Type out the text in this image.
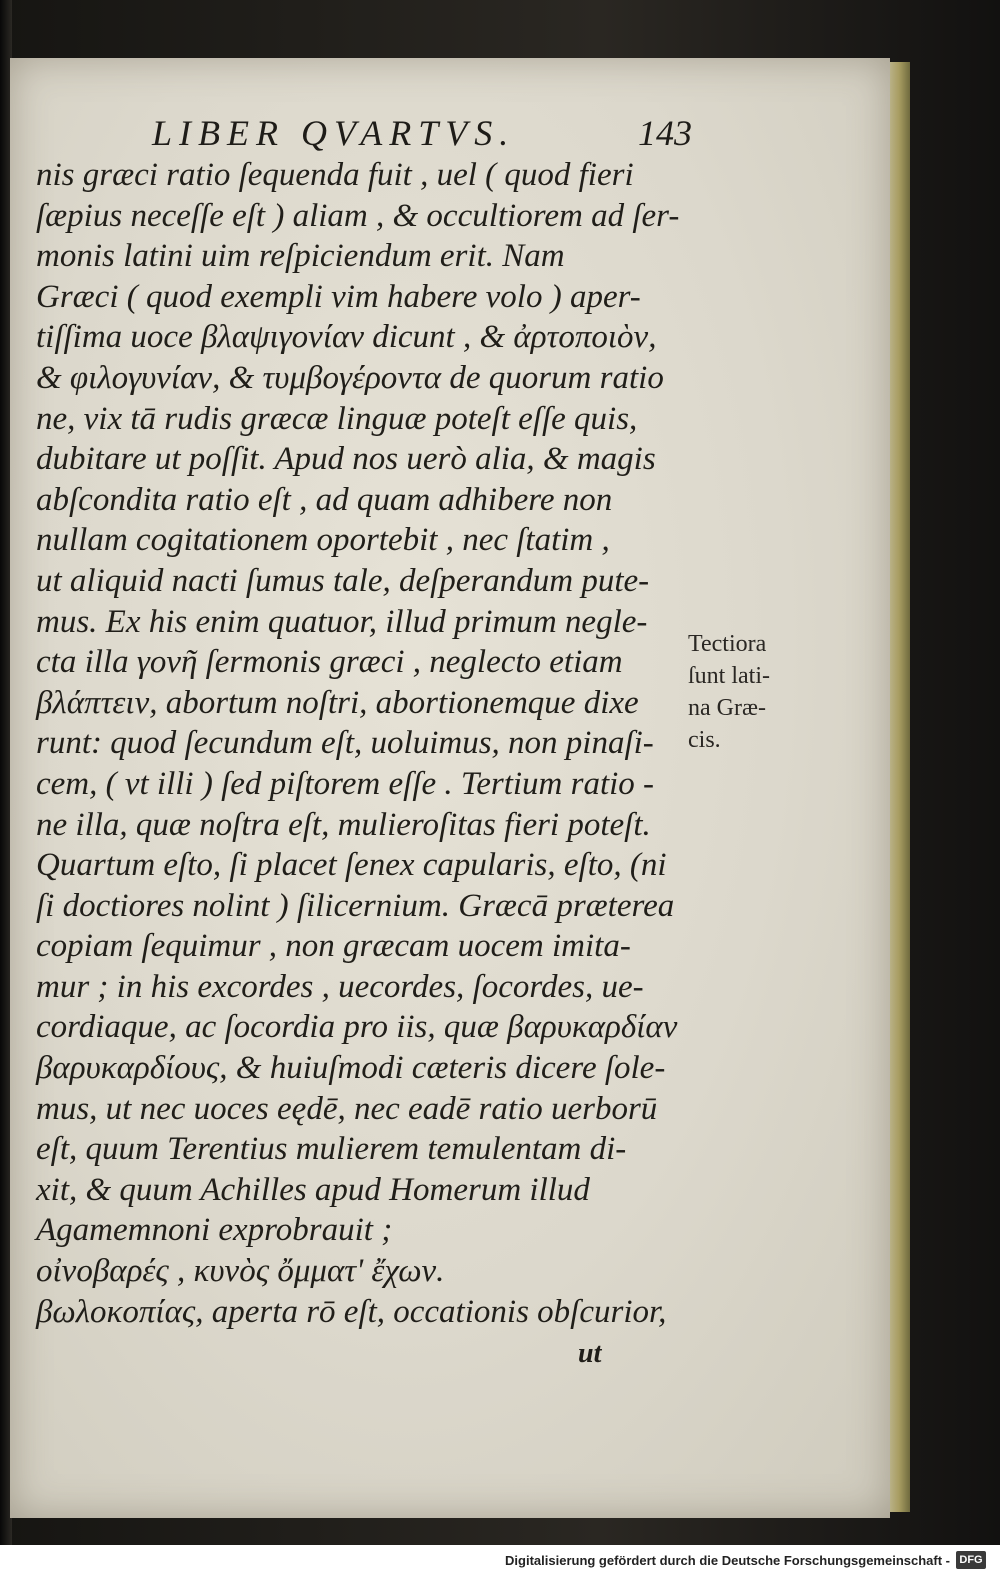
LIBER QVARTVS.	143
nis græci ratio ſequenda fuit , uel ( quod fieri
ſæpius neceſſe eſt ) aliam , & occultiorem ad ſer-
monis latini uim reſpiciendum erit. Nam
Græci ( quod exempli vim habere volo ) aper-
tiſſima uoce βλαψιγονίαν dicunt , & ἀρτοποιὸν,
& φιλογυνίαν, & τυμβογέροντα de quorum ratio
ne, vix tā rudis græcæ linguæ poteſt eſſe quis,
dubitare ut poſſit. Apud nos uerò alia, & magis
abſcondita ratio eſt , ad quam adhibere non
nullam cogitationem oportebit , nec ſtatim ,
ut aliquid nacti ſumus tale, deſperandum pute-
mus. Ex his enim quatuor, illud primum negle-
cta illa γονῆ ſermonis græci , neglecto etiam
βλάπτειν, abortum noſtri, abortionemque dixe
runt: quod ſecundum eſt, uoluimus, non pinaſi-
cem, ( vt illi ) ſed piſtorem eſſe . Tertium ratio -
ne illa, quæ noſtra eſt, mulieroſitas fieri poteſt.
Quartum eſto, ſi placet ſenex capularis, eſto, (ni
ſi doctiores nolint ) ſilicernium. Græcā præterea
copiam ſequimur , non græcam uocem imita-
mur ; in his excordes , uecordes, ſocordes, ue-
cordiaque, ac ſocordia pro iis, quæ βαρυκαρδίαν
βαρυκαρδίους, & huiuſmodi cæteris dicere ſole-
mus, ut nec uoces eędē, nec eadē ratio uerborū
eſt, quum Terentius mulierem temulentam di-
xit, & quum Achilles apud Homerum illud
Agamemnoni exprobrauit ;
οἰνοβαρές , κυνὸς ὄμματ' ἔχων.
βωλοκοπίας, aperta rō eſt, occationis obſcurior,
Tectiora
ſunt lati-
na Græ-
cis.
ut
Digitalisierung gefördert durch die Deutsche Forschungsgemeinschaft - DFG
